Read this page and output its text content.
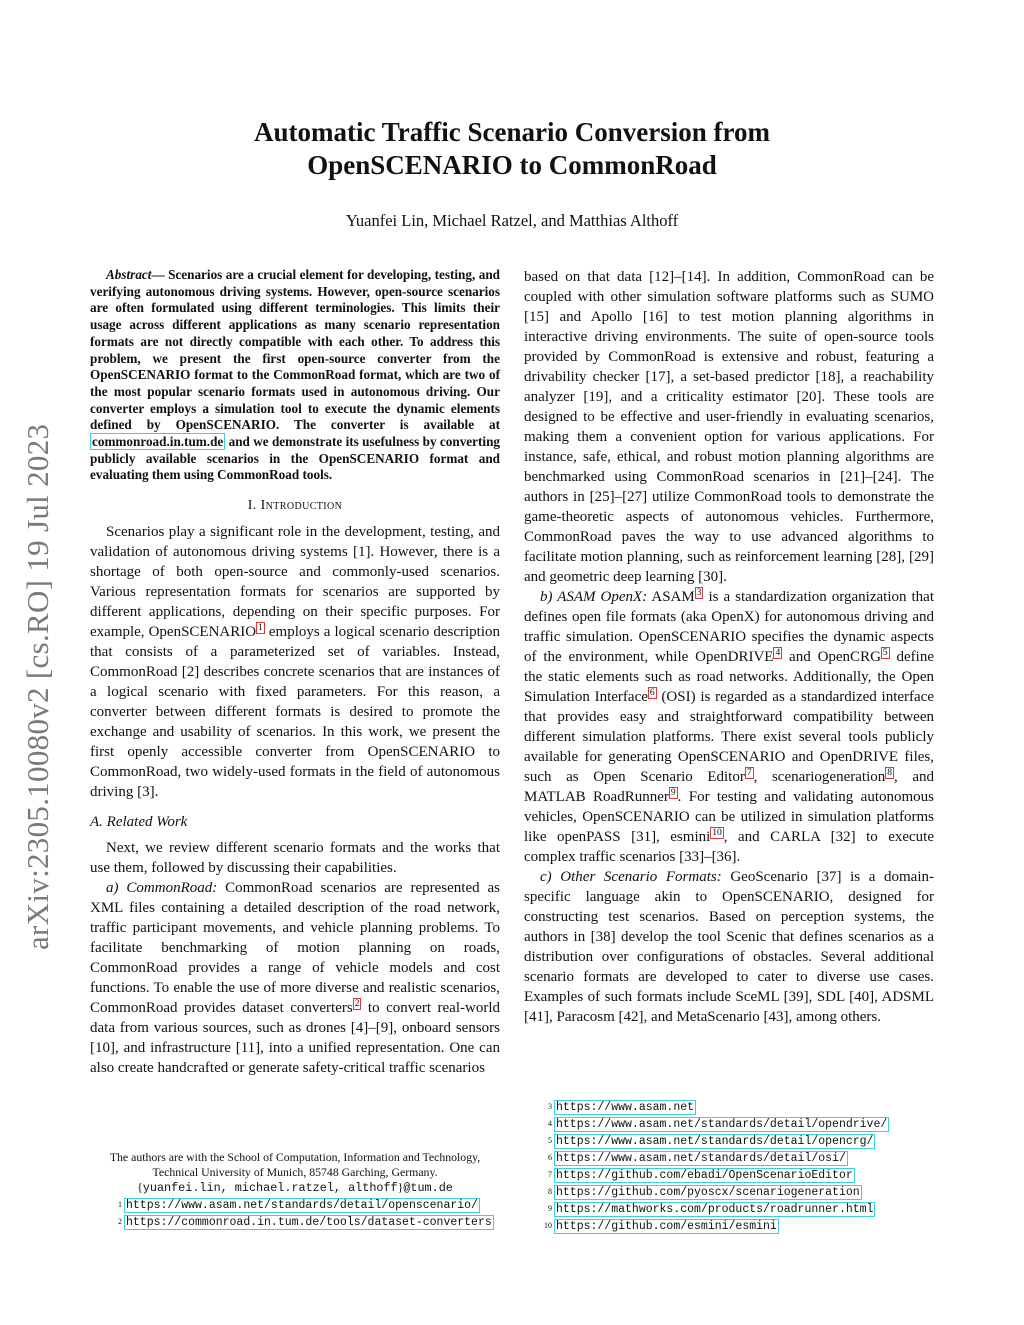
arXiv:2305.10080v2 [cs.RO] 19 Jul 2023
Automatic Traffic Scenario Conversion from
OpenSCENARIO to CommonRoad
Yuanfei Lin, Michael Ratzel, and Matthias Althoff

Abstract— Scenarios are a crucial element for developing, testing, and verifying autonomous driving systems. However, open-source scenarios are often formulated using different terminologies. This limits their usage across different applications as many scenario representation formats are not directly compatible with each other. To address this problem, we present the first open-source converter from the OpenSCENARIO format to the CommonRoad format, which are two of the most popular scenario formats used in autonomous driving. Our converter employs a simulation tool to execute the dynamic elements defined by OpenSCENARIO. The converter is available at commonroad.in.tum.de and we demonstrate its usefulness by converting publicly available scenarios in the OpenSCENARIO format and evaluating them using CommonRoad tools.

I. Introduction

Scenarios play a significant role in the development, testing, and validation of autonomous driving systems [1]. However, there is a shortage of both open-source and commonly-used scenarios. Various representation formats for scenarios are supported by different applications, depending on their specific purposes. For example, OpenSCENARIO $^1$ employs a logical scenario description that consists of a parameterized set of variables. Instead, CommonRoad [2] describes concrete scenarios that are instances of a logical scenario with fixed parameters. For this reason, a converter between different formats is desired to promote the exchange and usability of scenarios. In this work, we present the first openly accessible converter from OpenSCENARIO to CommonRoad, two widely-used formats in the field of autonomous driving [3].

A. Related Work

Next, we review different scenario formats and the works that use them, followed by discussing their capabilities.

a) CommonRoad: CommonRoad scenarios are represented as XML files containing a detailed description of the road network, traffic participant movements, and vehicle planning problems. To facilitate benchmarking of motion planning on roads, CommonRoad provides a range of vehicle models and cost functions. To enable the use of more diverse and realistic scenarios, CommonRoad provides dataset converters $^2$ to convert real-world data from various sources, such as drones [4]–[9], onboard sensors [10], and infrastructure [11], into a unified representation. One can also create handcrafted or generate safety-critical traffic scenarios

The authors are with the School of Computation, Information and Technology, Technical University of Munich, 85748 Garching, Germany.
{yuanfei.lin, michael.ratzel, althoff}@tum.de
1 https://www.asam.net/standards/detail/openscenario/
2 https://commonroad.in.tum.de/tools/dataset-converters

based on that data [12]–[14]. In addition, CommonRoad can be coupled with other simulation software platforms such as SUMO [15] and Apollo [16] to test motion planning algorithms in interactive driving environments. The suite of open-source tools provided by CommonRoad is extensive and robust, featuring a drivability checker [17], a set-based predictor [18], a reachability analyzer [19], and a criticality estimator [20]. These tools are designed to be effective and user-friendly in evaluating scenarios, making them a convenient option for various applications. For instance, safe, ethical, and robust motion planning algorithms are benchmarked using CommonRoad scenarios in [21]–[24]. The authors in [25]–[27] utilize CommonRoad tools to demonstrate the game-theoretic aspects of autonomous vehicles. Furthermore, CommonRoad paves the way to use advanced algorithms to facilitate motion planning, such as reinforcement learning [28], [29] and geometric deep learning [30].

b) ASAM OpenX: ASAM $^3$ is a standardization organization that defines open file formats (aka OpenX) for autonomous driving and traffic simulation. OpenSCENARIO specifies the dynamic aspects of the environment, while OpenDRIVE $^4$ and OpenCRG $^5$ define the static elements such as road networks. Additionally, the Open Simulation Interface $^6$ (OSI) is regarded as a standardized interface that provides easy and straightforward compatibility between different simulation platforms. There exist several tools publicly available for generating OpenSCENARIO and OpenDRIVE files, such as Open Scenario Editor $^7$ , scenariogeneration $^8$ , and MATLAB RoadRunner $^9$ . For testing and validating autonomous vehicles, OpenSCENARIO can be utilized in simulation platforms like openPASS [31], esmini $^{10}$ , and CARLA [32] to execute complex traffic scenarios [33]–[36].

c) Other Scenario Formats: GeoScenario [37] is a domain-specific language akin to OpenSCENARIO, designed for constructing test scenarios. Based on perception systems, the authors in [38] develop the tool Scenic that defines scenarios as a distribution over configurations of obstacles. Several additional scenario formats are developed to cater to diverse use cases. Examples of such formats include SceML [39], SDL [40], ADSML [41], Paracosm [42], and MetaScenario [43], among others.

3 https://www.asam.net
4 https://www.asam.net/standards/detail/opendrive/
5 https://www.asam.net/standards/detail/opencrg/
6 https://www.asam.net/standards/detail/osi/
7 https://github.com/ebadi/OpenScenarioEditor
8 https://github.com/pyoscx/scenariogeneration
9 https://mathworks.com/products/roadrunner.html
10 https://github.com/esmini/esmini
